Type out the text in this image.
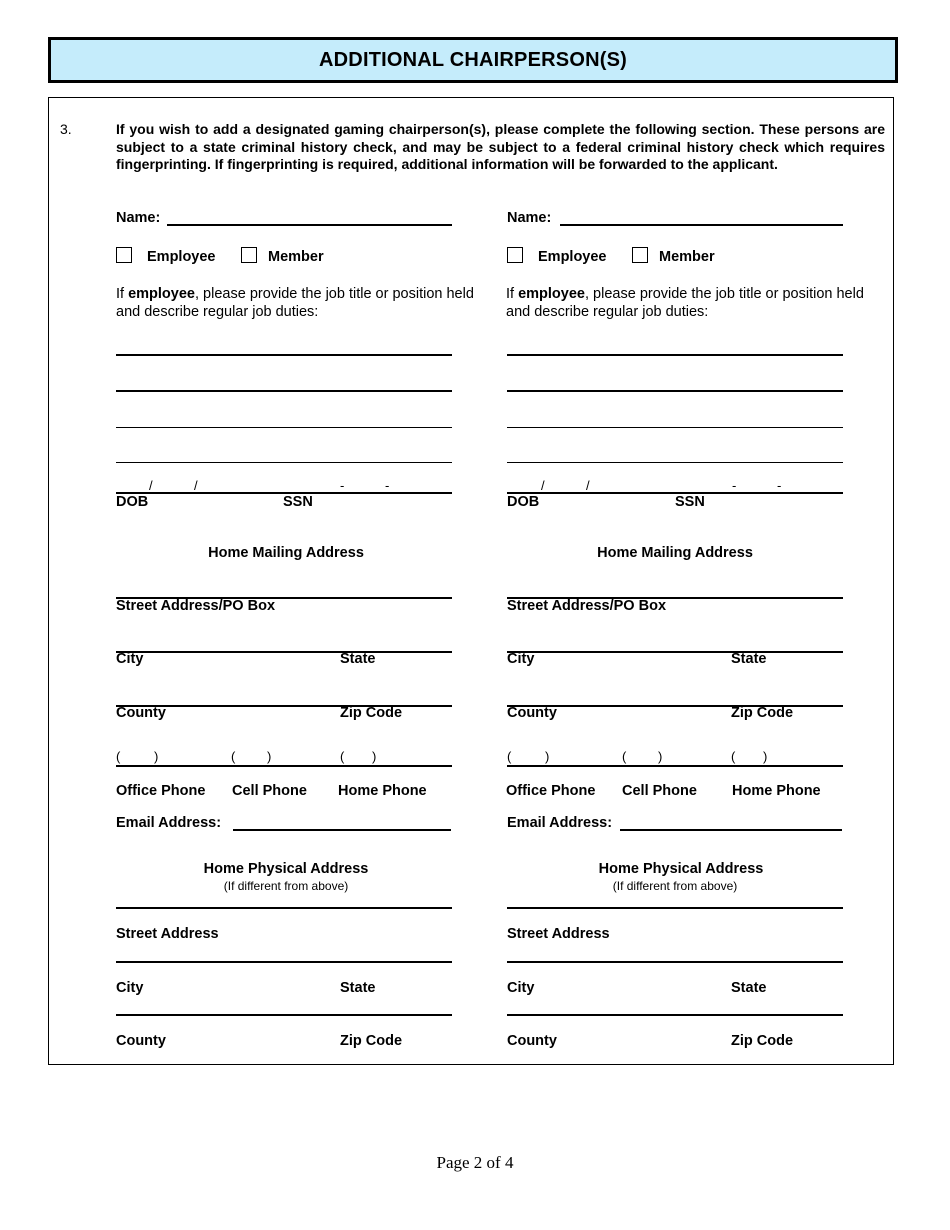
ADDITIONAL CHAIRPERSON(S)
3.	If you wish to add a designated gaming chairperson(s), please complete the following section. These persons are subject to a state criminal history check, and may be subject to a federal criminal history check which requires fingerprinting. If fingerprinting is required, additional information will be forwarded to the applicant.
Name:
Employee	Member
If employee, please provide the job title or position held and describe regular job duties:
/	/	-	-
DOB	SSN
Home Mailing Address
Street Address/PO Box
City	State
County	Zip Code
(	)	( )	( )
Office Phone Cell Phone Home Phone
Email Address:
Home Physical Address
(If different from above)
Street Address
City	State
County	Zip Code
Name:
Employee	Member
If employee, please provide the job title or position held and describe regular job duties:
/	/	-	-
DOB	SSN
Home Mailing Address
Street Address/PO Box
City	State
County	Zip Code
(	)	( )	( )
Office Phone Cell Phone Home Phone
Email Address:
Home Physical Address
(If different from above)
Street Address
City	State
County	Zip Code
Page 2 of 4
